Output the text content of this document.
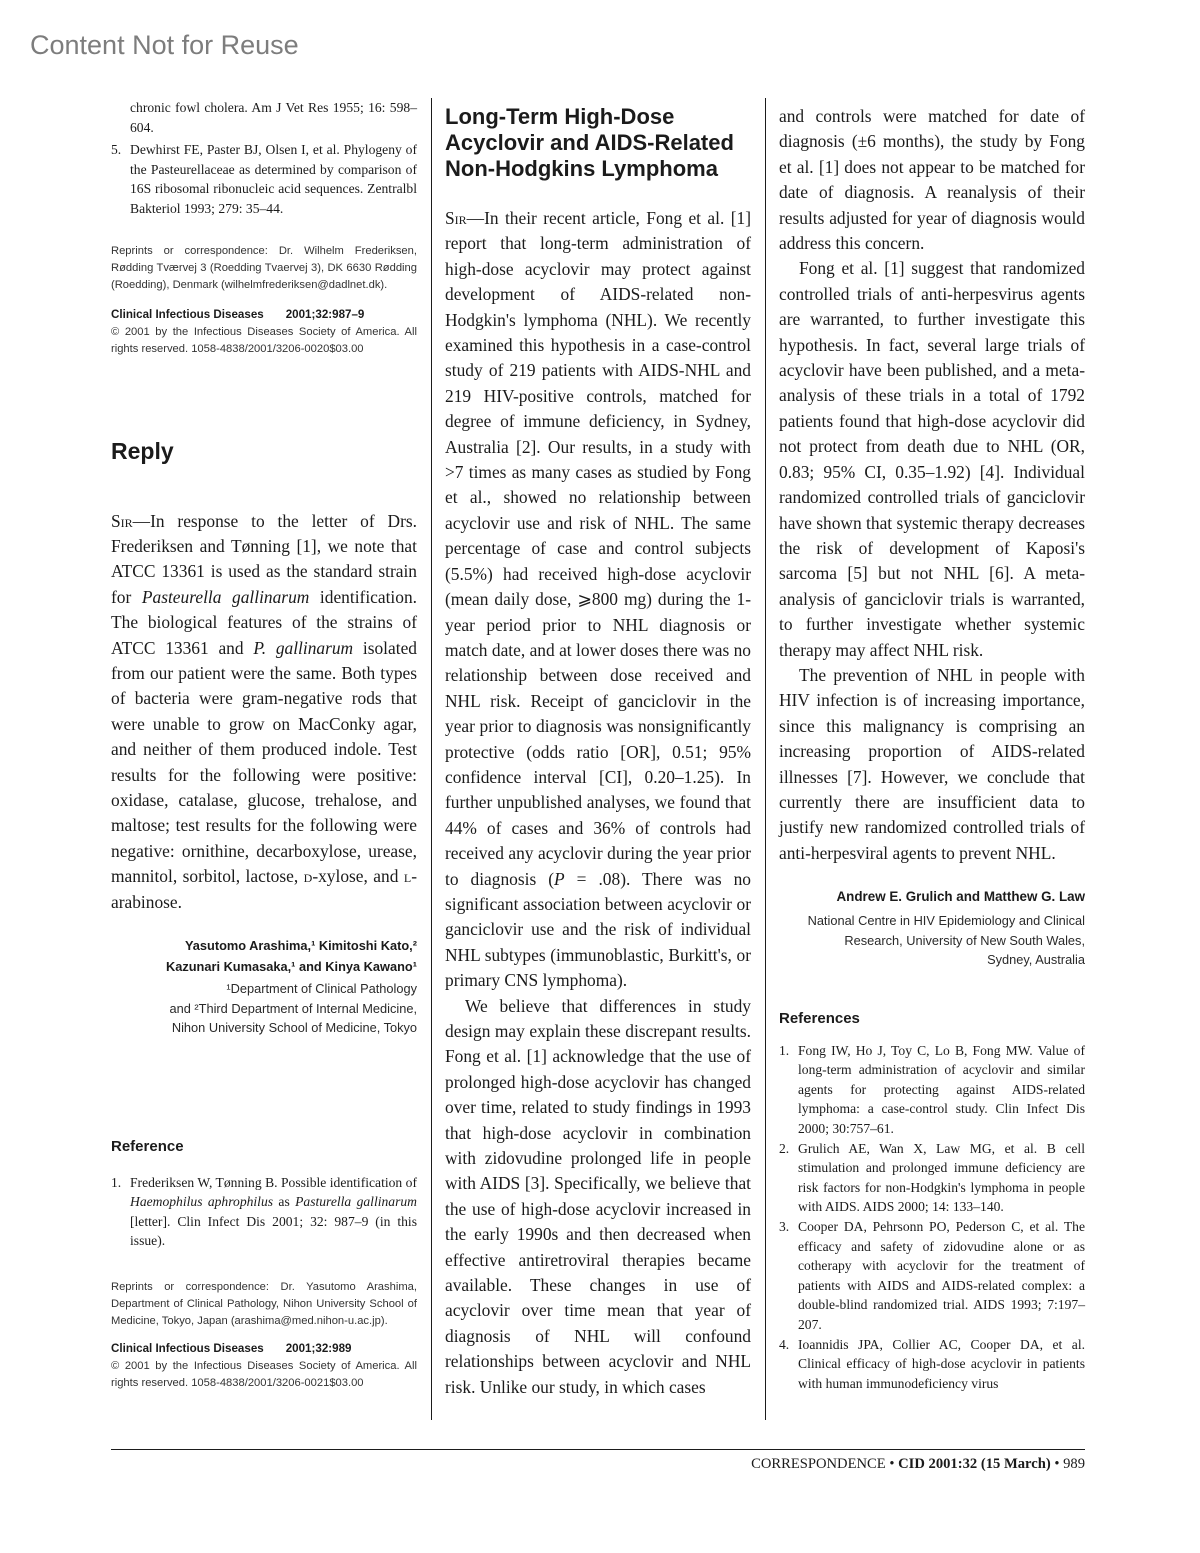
Content Not for Reuse
chronic fowl cholera. Am J Vet Res 1955; 16: 598–604.
5. Dewhirst FE, Paster BJ, Olsen I, et al. Phylogeny of the Pasteurellaceae as determined by comparison of 16S ribosomal ribonucleic acid sequences. Zentralbl Bakteriol 1993; 279: 35–44.

Reprints or correspondence: Dr. Wilhelm Frederiksen, Rødding Tværvej 3 (Roedding Tvaervej 3), DK 6630 Rødding (Roedding), Denmark (wilhelmfrederiksen@dadlnet.dk).

Clinical Infectious Diseases 2001;32:987–9

© 2001 by the Infectious Diseases Society of America. All rights reserved. 1058-4838/2001/3206-0020$03.00

Reply

Sir—In response to the letter of Drs. Frederiksen and Tønning [1], we note that ATCC 13361 is used as the standard strain for Pasteurella gallinarum identification. The biological features of the strains of ATCC 13361 and P. gallinarum isolated from our patient were the same. Both types of bacteria were gram-negative rods that were unable to grow on MacConky agar, and neither of them produced indole. Test results for the following were positive: oxidase, catalase, glucose, trehalose, and maltose; test results for the following were negative: ornithine, decarboxylose, urease, mannitol, sorbitol, lactose, d-xylose, and l-arabinose.

Yasutomo Arashima,¹ Kimitoshi Kato,²

Kazunari Kumasaka,¹ and Kinya Kawano¹

¹Department of Clinical Pathology

and ²Third Department of Internal Medicine,

Nihon University School of Medicine, Tokyo

Reference
1. Frederiksen W, Tønning B. Possible identification of Haemophilus aphrophilus as Pasturella gallinarum [letter]. Clin Infect Dis 2001; 32: 987–9 (in this issue).

Reprints or correspondence: Dr. Yasutomo Arashima, Department of Clinical Pathology, Nihon University School of Medicine, Tokyo, Japan (arashima@med.nihon-u.ac.jp).

Clinical Infectious Diseases 2001;32:989

© 2001 by the Infectious Diseases Society of America. All rights reserved. 1058-4838/2001/3206-0021$03.00

Long-Term High-Dose Acyclovir and AIDS-Related Non-Hodgkins Lymphoma

Sir—In their recent article, Fong et al. [1] report that long-term administration of high-dose acyclovir may protect against development of AIDS-related non-Hodgkin's lymphoma (NHL). We recently examined this hypothesis in a case-control study of 219 patients with AIDS-NHL and 219 HIV-positive controls, matched for degree of immune deficiency, in Sydney, Australia [2]. Our results, in a study with >7 times as many cases as studied by Fong et al., showed no relationship between acyclovir use and risk of NHL. The same percentage of case and control subjects (5.5%) had received high-dose acyclovir (mean daily dose, ⩾800 mg) during the 1-year period prior to NHL diagnosis or match date, and at lower doses there was no relationship between dose received and NHL risk. Receipt of ganciclovir in the year prior to diagnosis was nonsignificantly protective (odds ratio [OR], 0.51; 95% confidence interval [CI], 0.20–1.25). In further unpublished analyses, we found that 44% of cases and 36% of controls had received any acyclovir during the year prior to diagnosis (P = .08). There was no significant association between acyclovir or ganciclovir use and the risk of individual NHL subtypes (immunoblastic, Burkitt's, or primary CNS lymphoma).

We believe that differences in study design may explain these discrepant results. Fong et al. [1] acknowledge that the use of prolonged high-dose acyclovir has changed over time, related to study findings in 1993 that high-dose acyclovir in combination with zidovudine prolonged life in people with AIDS [3]. Specifically, we believe that the use of high-dose acyclovir increased in the early 1990s and then decreased when effective antiretroviral therapies became available. These changes in use of acyclovir over time mean that year of diagnosis of NHL will confound relationships between acyclovir and NHL risk. Unlike our study, in which cases

and controls were matched for date of diagnosis (±6 months), the study by Fong et al. [1] does not appear to be matched for date of diagnosis. A reanalysis of their results adjusted for year of diagnosis would address this concern.

Fong et al. [1] suggest that randomized controlled trials of anti-herpesvirus agents are warranted, to further investigate this hypothesis. In fact, several large trials of acyclovir have been published, and a meta-analysis of these trials in a total of 1792 patients found that high-dose acyclovir did not protect from death due to NHL (OR, 0.83; 95% CI, 0.35–1.92) [4]. Individual randomized controlled trials of ganciclovir have shown that systemic therapy decreases the risk of development of Kaposi's sarcoma [5] but not NHL [6]. A meta-analysis of ganciclovir trials is warranted, to further investigate whether systemic therapy may affect NHL risk.

The prevention of NHL in people with HIV infection is of increasing importance, since this malignancy is comprising an increasing proportion of AIDS-related illnesses [7]. However, we conclude that currently there are insufficient data to justify new randomized controlled trials of anti-herpesviral agents to prevent NHL.

Andrew E. Grulich and Matthew G. Law

National Centre in HIV Epidemiology and Clinical

Research, University of New South Wales,

Sydney, Australia

References
1. Fong IW, Ho J, Toy C, Lo B, Fong MW. Value of long-term administration of acyclovir and similar agents for protecting against AIDS-related lymphoma: a case-control study. Clin Infect Dis 2000; 30:757–61.
2. Grulich AE, Wan X, Law MG, et al. B cell stimulation and prolonged immune deficiency are risk factors for non-Hodgkin's lymphoma in people with AIDS. AIDS 2000; 14: 133–140.
3. Cooper DA, Pehrsonn PO, Pederson C, et al. The efficacy and safety of zidovudine alone or as cotherapy with acyclovir for the treatment of patients with AIDS and AIDS-related complex: a double-blind randomized trial. AIDS 1993; 7:197–207.
4. Ioannidis JPA, Collier AC, Cooper DA, et al. Clinical efficacy of high-dose acyclovir in patients with human immunodeficiency virus
CORRESPONDENCE • CID 2001:32 (15 March) • 989
